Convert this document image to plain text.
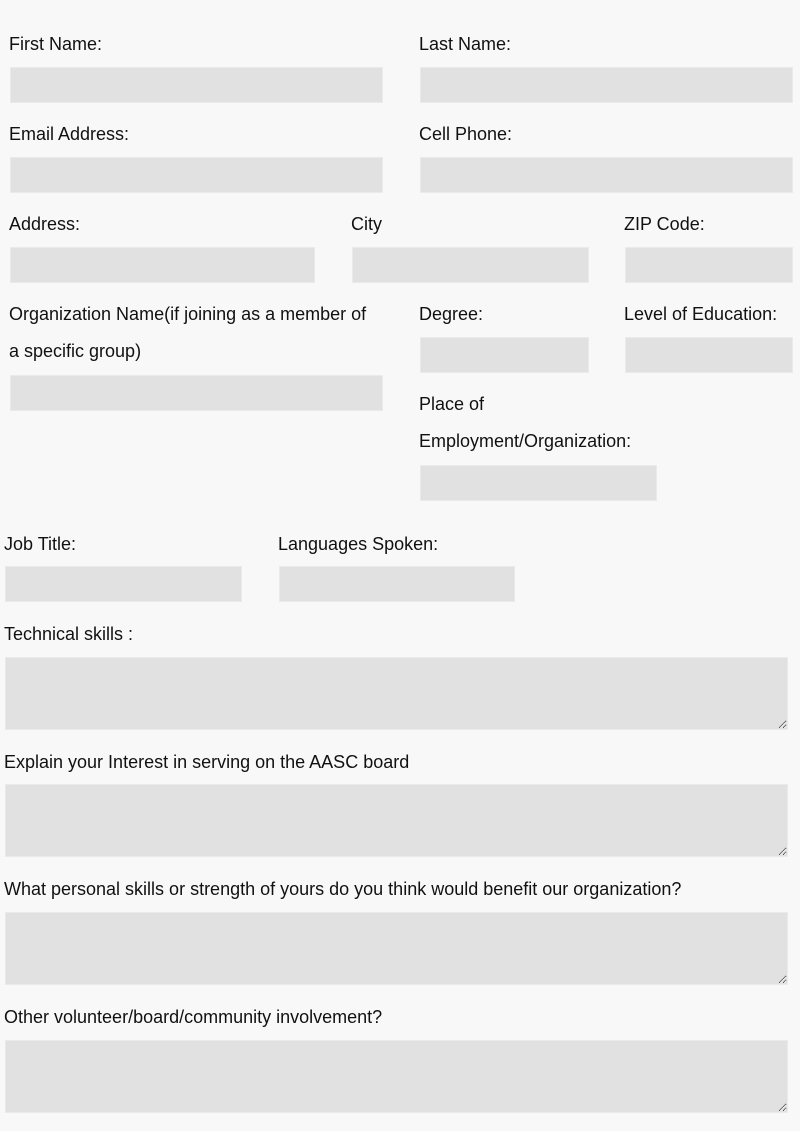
First Name:	Last Name:
Email Address:	Cell Phone:
Address:	City	ZIP Code:
Organization Name(if joining as a member of a specific group)
Degree:	Level of Education:
Place of Employment/Organization:
Job Title:	Languages Spoken:
Technical skills :
Explain your Interest in serving on the AASC board
What personal skills or strength of yours do you think would benefit our organization?
Other volunteer/board/community involvement?
